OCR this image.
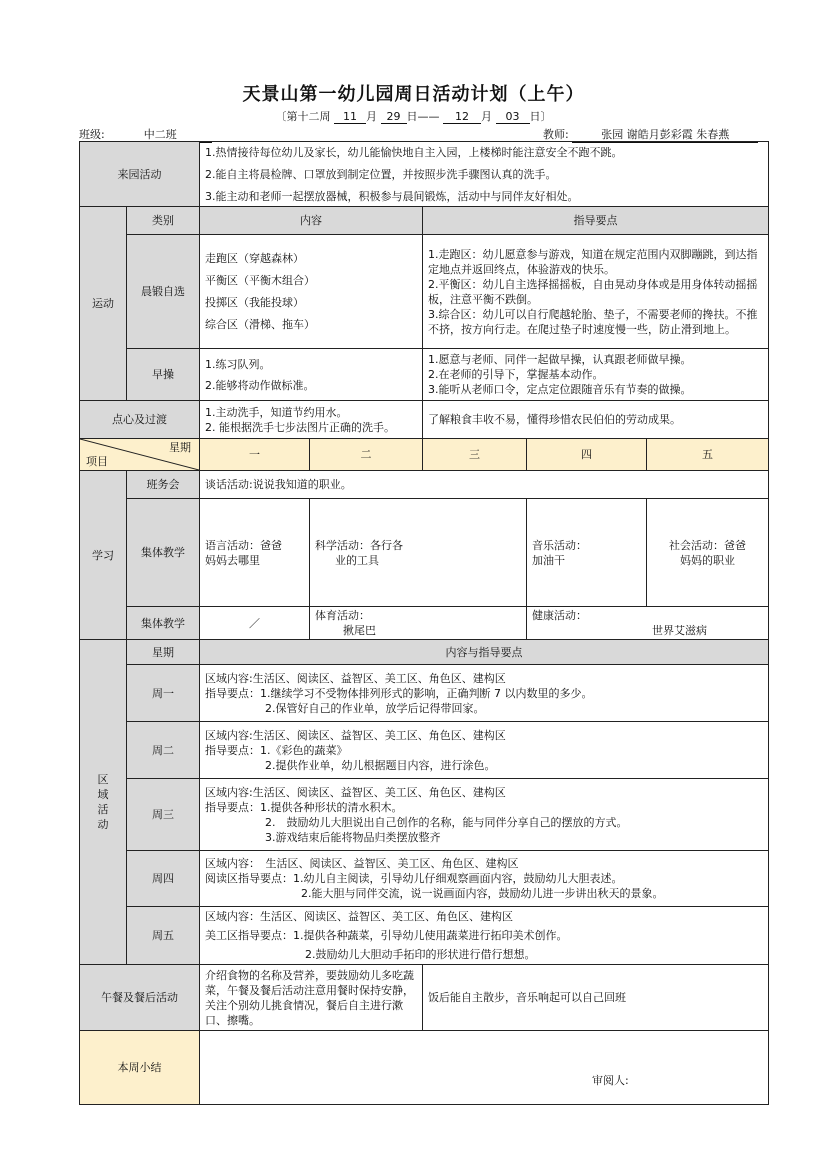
天景山第一幼儿园周日活动计划（上午）
〔第十二周 11 月 29 日—— 12 月 03 日〕
班级:	中二班	教师:	张园 谢皓月彭彩霞 朱春燕
来园活动		1.热情接待每位幼儿及家长，幼儿能愉快地自主入园，上楼梯时能注意安全不跑不跳。
2.能自主将晨检牌、口罩放到制定位置，并按照步洗手骤图认真的洗手。
3.能主动和老师一起摆放器械，积极参与晨间锻炼，活动中与同伴友好相处。					

运动	类别	内容		指导要点			
	晨锻自选	走跑区（穿越森林）
平衡区（平衡木组合）
投掷区（我能投球）
综合区（滑梯、拖车）		1.走跑区：幼儿愿意参与游戏，知道在规定范围内双脚蹦跳，到达指定地点并返回终点，体验游戏的快乐。
2.平衡区：幼儿自主选择摇摇板，自由晃动身体或是用身体转动摇摇板，注意平衡不跌倒。
3.综合区：幼儿可以自行爬越轮胎、垫子，不需要老师的搀扶。不推不挤，按方向行走。在爬过垫子时速度慢一些，防止滑到地上。			

	早操	1.练习队列。
2.能够将动作做标准。		1.愿意与老师、同伴一起做早操，认真跟老师做早操。
2.在老师的引导下，掌握基本动作。
3.能听从老师口令，定点定位跟随音乐有节奏的做操。			

点心及过渡		1.主动洗手，知道节约用水。
2. 能根据洗手七步法图片正确的洗手。		了解粮食丰收不易，懂得珍惜农民伯伯的劳动成果。			

星期
项目		一	二	三	四	五	
学习	班务会	谈话活动:说说我知道的职业。					
	集体教学	语言活动：爸爸
妈妈去哪里	科学活动：各行各
业的工具		音乐活动：
加油干	社会活动：爸爸
妈妈的职业

	集体教学	／	体育活动：
揪尾巴		健康活动：
世界艾滋病

区域活动	星期	内容与指导要点					
	周一	区域内容:生活区、阅读区、益智区、美工区、角色区、建构区
指导要点：1.继续学习不受物体排列形式的影响，正确判断 7 以内数里的多少。
2.保管好自己的作业单，放学后记得带回家。					

	周二	区域内容:生活区、阅读区、益智区、美工区、角色区、建构区
指导要点：1.《彩色的蔬菜》
2.提供作业单，幼儿根据题目内容，进行涂色。					

	周三	区域内容:生活区、阅读区、益智区、美工区、角色区、建构区
指导要点：1.提供各种形状的清水积木。
2.　鼓励幼儿大胆说出自己创作的名称，能与同伴分享自己的摆放的方式。
3.游戏结束后能将物品归类摆放整齐					

	周四	区域内容：　生活区、阅读区、益智区、美工区、角色区、建构区
阅读区指导要点：1.幼儿自主阅读，引导幼儿仔细观察画面内容，鼓励幼儿大胆表述。
2.能大胆与同伴交流，说一说画面内容，鼓励幼儿进一步讲出秋天的景象。					

	周五	区域内容：生活区、阅读区、益智区、美工区、角色区、建构区
美工区指导要点：1.提供各种蔬菜，引导幼儿使用蔬菜进行拓印美术创作。
2.鼓励幼儿大胆动手拓印的形状进行借行想想。					

午餐及餐后活动		介绍食物的名称及营养，要鼓励幼儿多吃蔬菜，午餐及餐后活动注意用餐时保持安静，关注个别幼儿挑食情况，餐后自主进行漱口、擦嘴。		饭后能自主散步，音乐响起可以自己回班			
本周小结							
审阅人:
